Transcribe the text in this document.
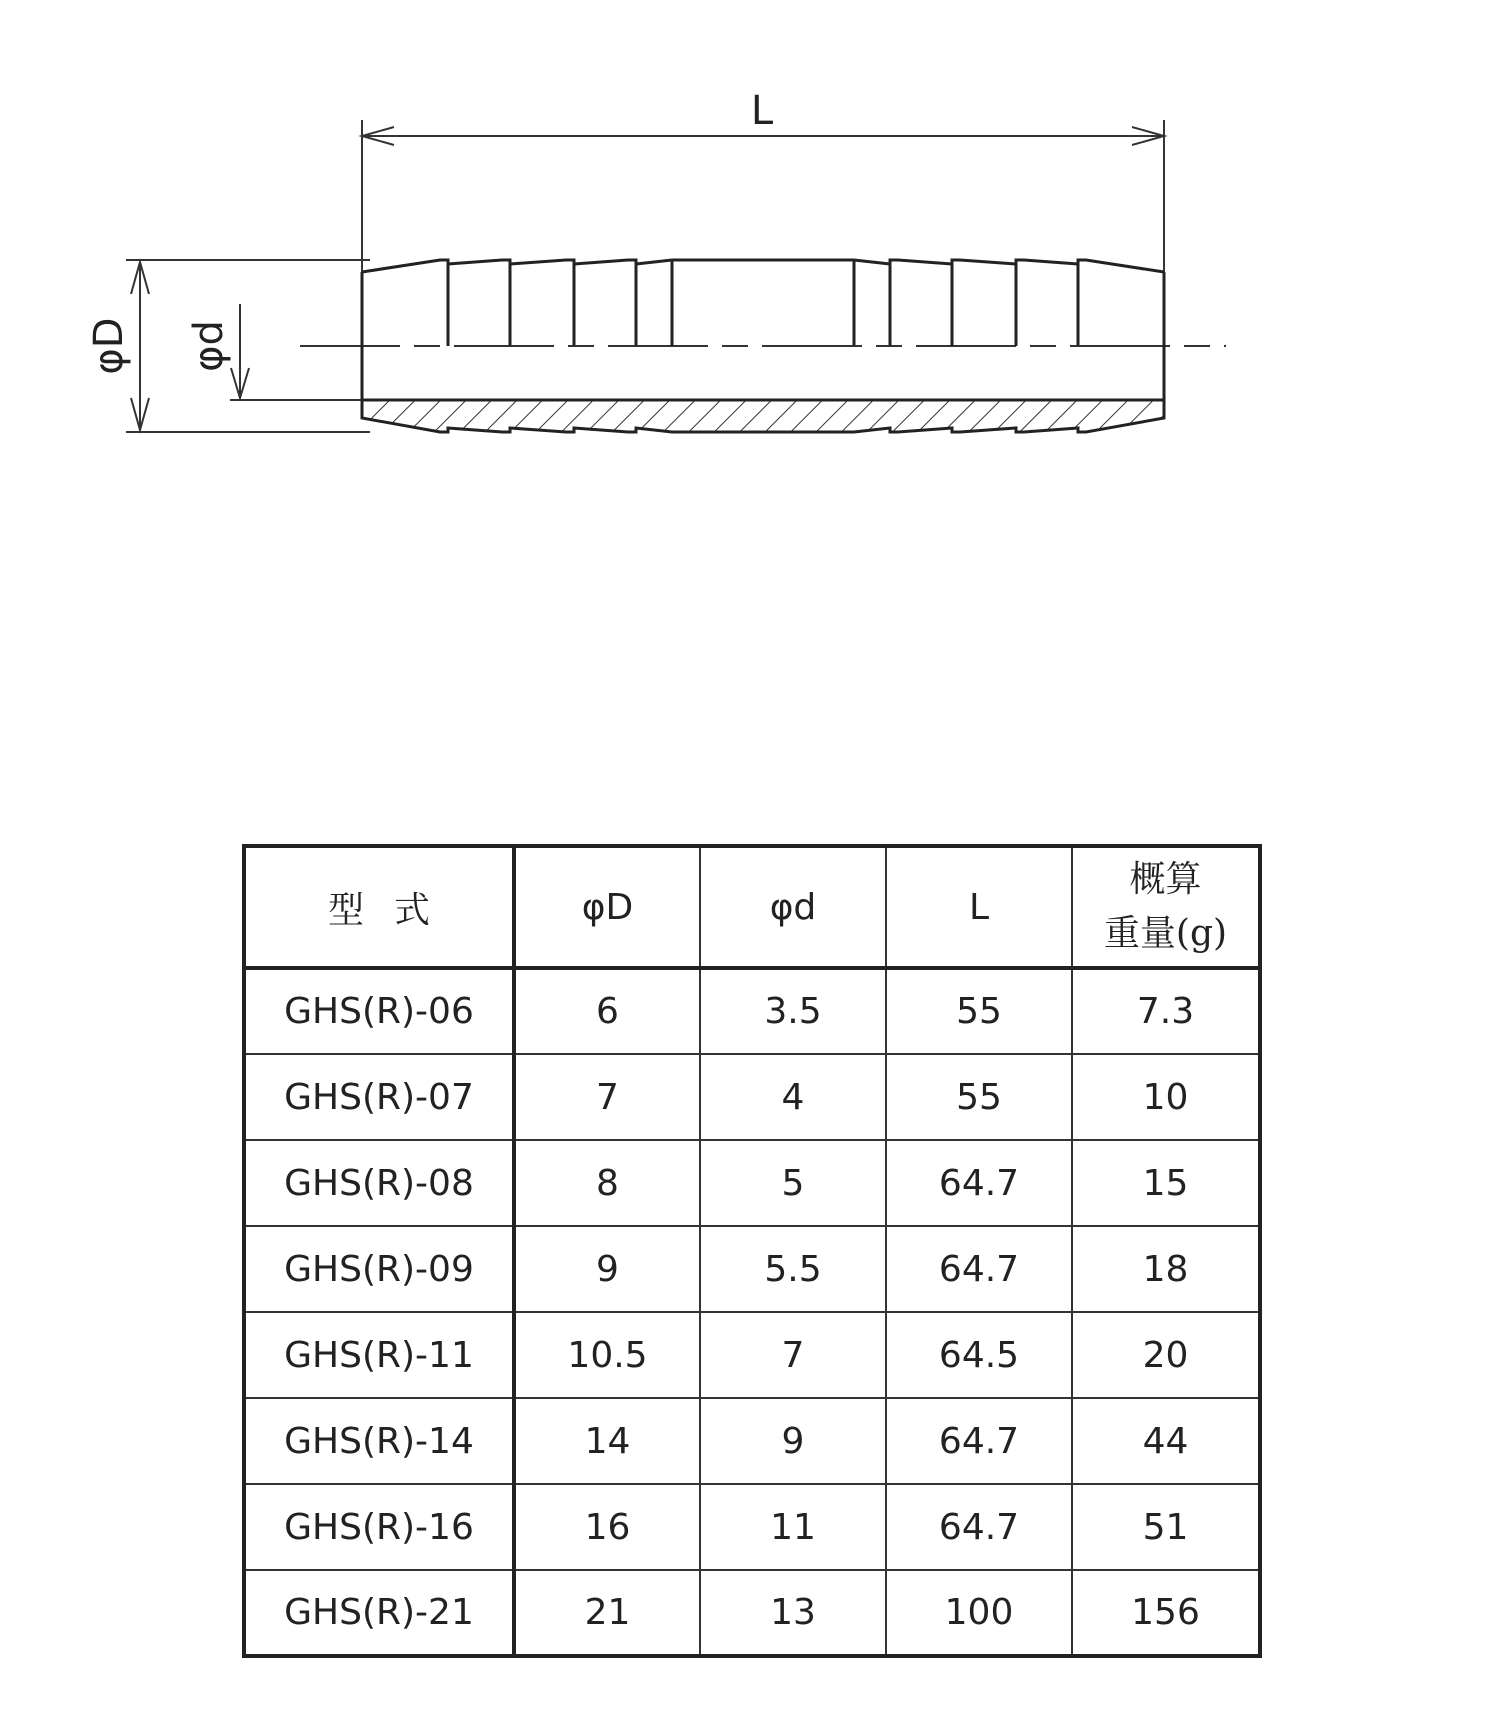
L
φD φd
型式	φD	φd	L	概算
重量(g)

GHS(R)-06	6	3.5	55	7.3
GHS(R)-07	7	4	55	10
GHS(R)-08	8	5	64.7	15
GHS(R)-09	9	5.5	64.7	18
GHS(R)-11	10.5	7	64.5	20
GHS(R)-14	14	9	64.7	44
GHS(R)-16	16	11	64.7	51
GHS(R)-21	21	13	100	156
